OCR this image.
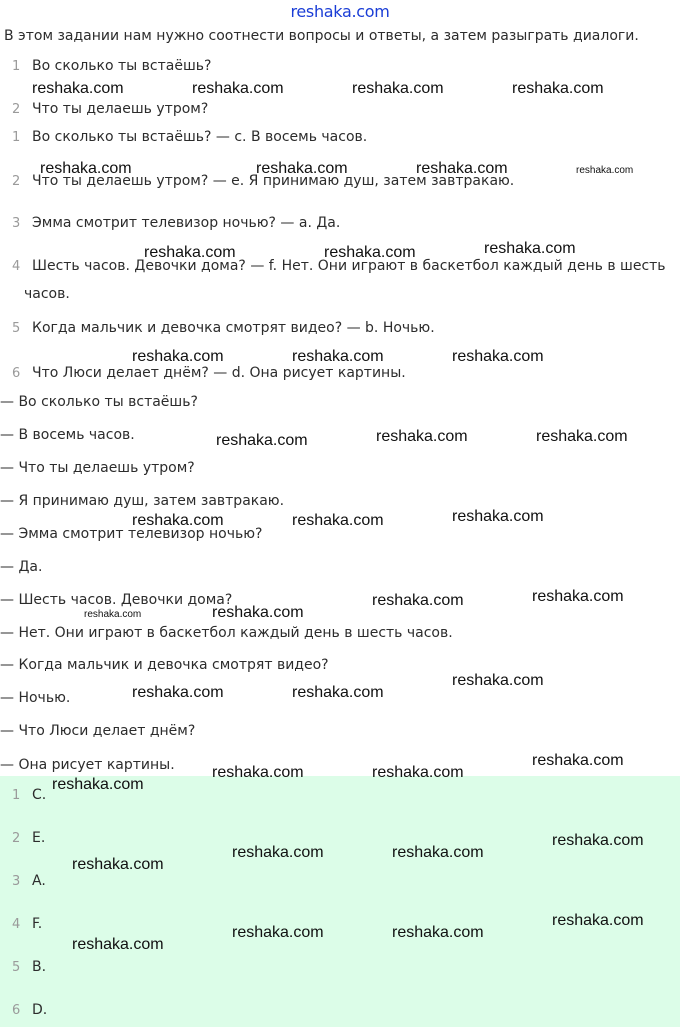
reshaka.com
В этом задании нам нужно соотнести вопросы и ответы, а затем разыграть диалоги.
1 Во сколько ты встаёшь?
2 Что ты делаешь утром?
1 Во сколько ты встаёшь? — c. В восемь часов.
2 Что ты делаешь утром? — e. Я принимаю душ, затем завтракаю.
3 Эмма смотрит телевизор ночью? — a. Да.
4 Шесть часов. Девочки дома? — f. Нет. Они играют в баскетбол каждый день в шесть
часов.
5 Когда мальчик и девочка смотрят видео? — b. Ночью.
6 Что Люси делает днём? — d. Она рисует картины.
— Во сколько ты встаёшь?
— В восемь часов.
— Что ты делаешь утром?
— Я принимаю душ, затем завтракаю.
— Эмма смотрит телевизор ночью?
— Да.
— Шесть часов. Девочки дома?
— Нет. Они играют в баскетбол каждый день в шесть часов.
— Когда мальчик и девочка смотрят видео?
— Ночью.
— Что Люси делает днём?
— Она рисует картины.
1 C.
2 E.
3 A.
4 F.
5 B.
6 D.
reshaka.com	reshaka.com	reshaka.com	reshaka.com
reshaka.com	reshaka.com	reshaka.com	reshaka.com
reshaka.com	reshaka.com	reshaka.com
reshaka.com	reshaka.com	reshaka.com
reshaka.com	reshaka.com	reshaka.com
reshaka.com	reshaka.com	reshaka.com
reshaka.com	reshaka.com
reshaka.com	reshaka.com
reshaka.com	reshaka.com
reshaka.com
reshaka.com	reshaka.com
reshaka.com
reshaka.com
reshaka.com
reshaka.com	reshaka.com
reshaka.com
reshaka.com
reshaka.com	reshaka.com
reshaka.com
